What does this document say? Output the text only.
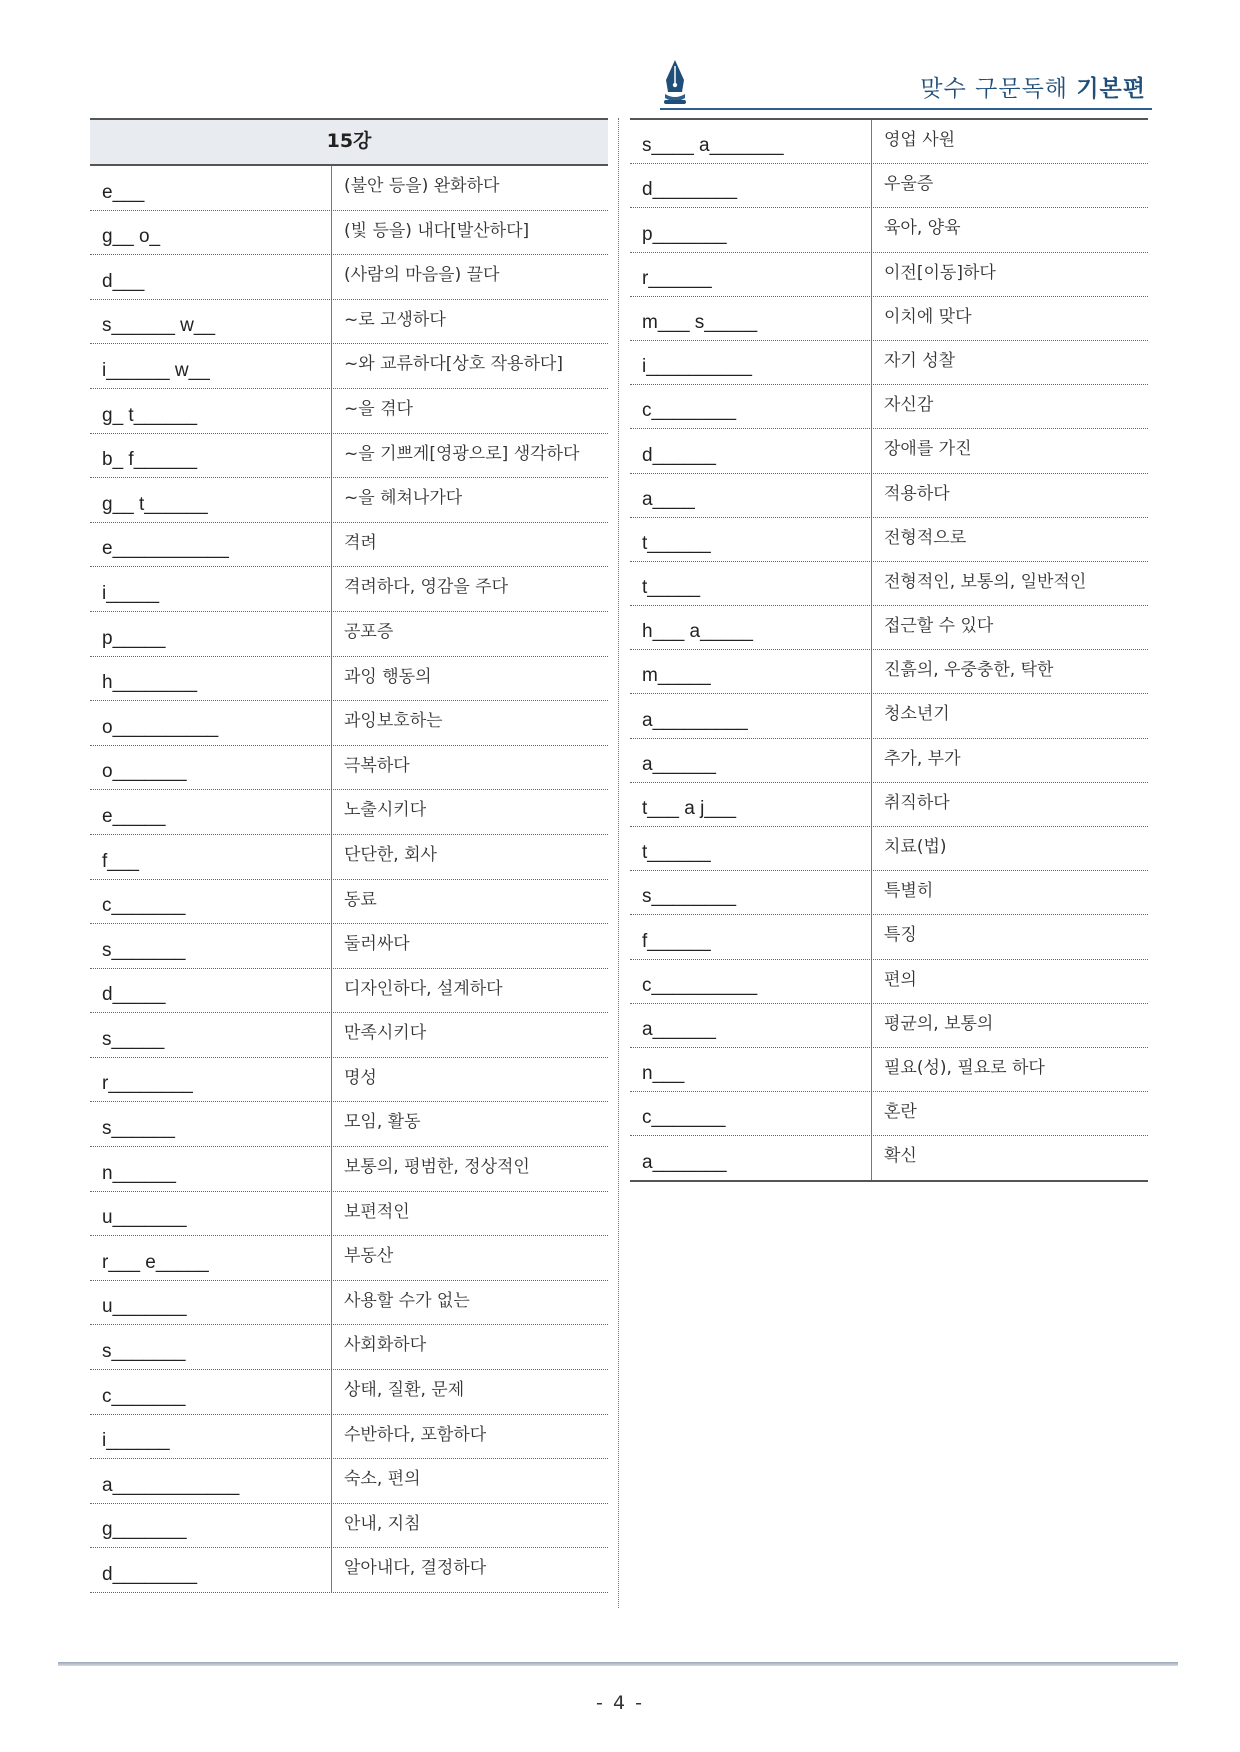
맞수 구문독해 기본편
15강
e___	(불안 등을) 완화하다
g__ o_	(빛 등을) 내다[발산하다]
d___	(사람의 마음을) 끌다
s______ w__	~로 고생하다
i______ w__	~와 교류하다[상호 작용하다]
g_ t______	~을 겪다
b_ f______	~을 기쁘게[영광으로] 생각하다
g__ t______	~을 헤쳐나가다
e___________	격려
i_____	격려하다, 영감을 주다
p_____	공포증
h________	과잉 행동의
o__________	과잉보호하는
o_______	극복하다
e_____	노출시키다
f___	단단한, 회사
c_______	동료
s_______	둘러싸다
d_____	디자인하다, 설계하다
s_____	만족시키다
r________	명성
s______	모임, 활동
n______	보통의, 평범한, 정상적인
u_______	보편적인
r___ e_____	부동산
u_______	사용할 수가 없는
s_______	사회화하다
c_______	상태, 질환, 문제
i______	수반하다, 포함하다
a____________	숙소, 편의
g_______	안내, 지침
d________	알아내다, 결정하다
s____ a_______	영업 사원
d________	우울증
p_______	육아, 양육
r______	이전[이동]하다
m___ s_____	이치에 맞다
i__________	자기 성찰
c________	자신감
d______	장애를 가진
a____	적용하다
t______	전형적으로
t_____	전형적인, 보통의, 일반적인
h___ a_____	접근할 수 있다
m_____	진흙의, 우중충한, 탁한
a_________	청소년기
a______	추가, 부가
t___ a j___	취직하다
t______	치료(법)
s________	특별히
f______	특징
c__________	편의
a______	평균의, 보통의
n___	필요(성), 필요로 하다
c_______	혼란
a_______	확신
- 4 -
